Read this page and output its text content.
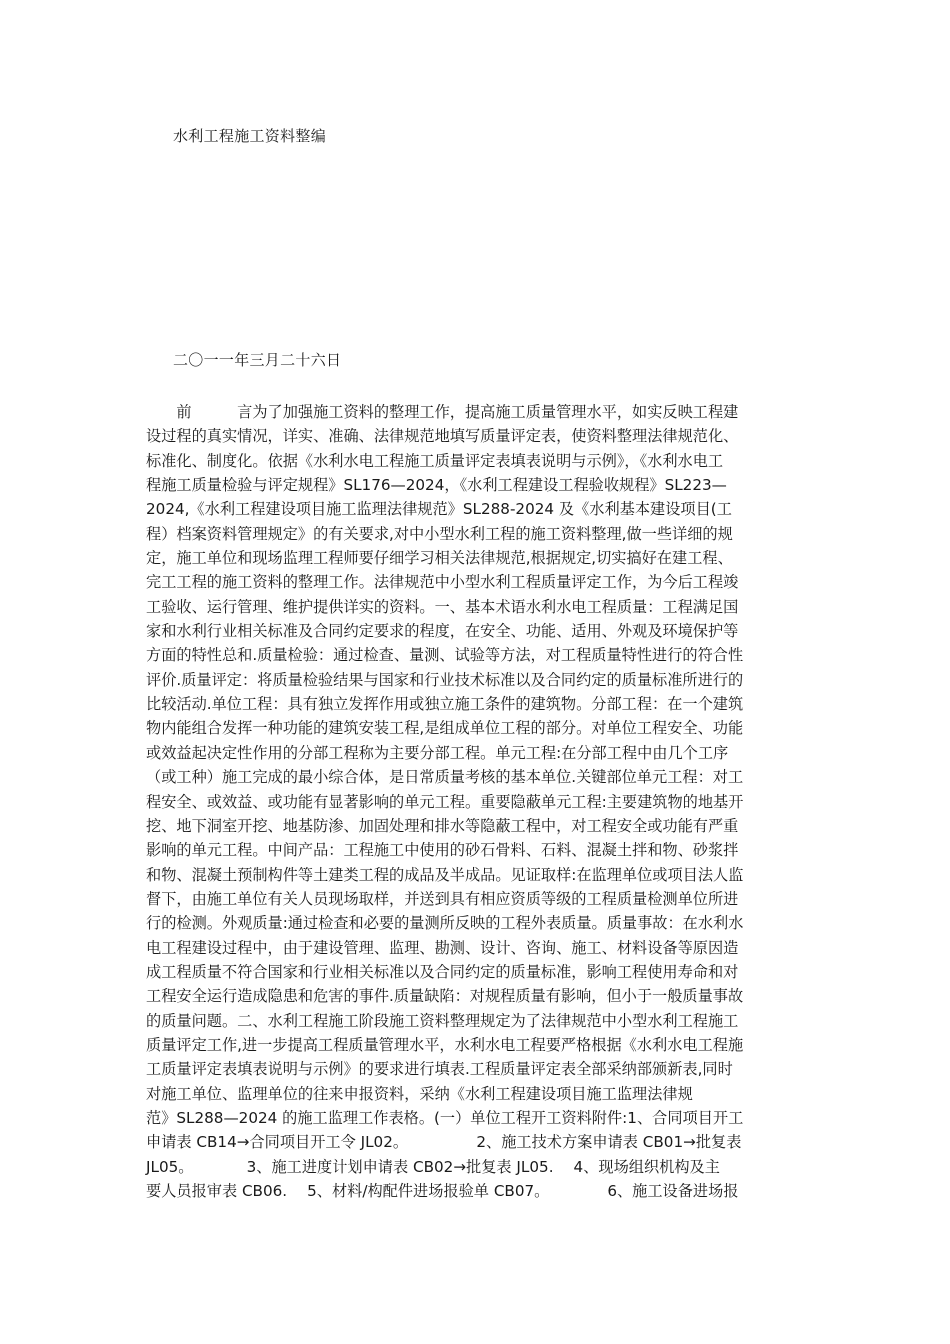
水利工程施工资料整编
二〇一一年三月二十六日
　　前　　　言为了加强施工资料的整理工作，提高施工质量管理水平，如实反映工程建
设过程的真实情况，详实、准确、法律规范地填写质量评定表，使资料整理法律规范化、
标准化、制度化。依据《水利水电工程施工质量评定表填表说明与示例》，《水利水电工
程施工质量检验与评定规程》SL176—2024，《水利工程建设工程验收规程》SL223—
2024,《水利工程建设项目施工监理法律规范》SL288-2024 及《水利基本建设项目(工
程）档案资料管理规定》的有关要求,对中小型水利工程的施工资料整理,做一些详细的规
定，施工单位和现场监理工程师要仔细学习相关法律规范,根据规定,切实搞好在建工程、
完工工程的施工资料的整理工作。法律规范中小型水利工程质量评定工作，为今后工程竣
工验收、运行管理、维护提供详实的资料。一、基本术语水利水电工程质量：工程满足国
家和水利行业相关标准及合同约定要求的程度，在安全、功能、适用、外观及环境保护等
方面的特性总和.质量检验：通过检查、量测、试验等方法，对工程质量特性进行的符合性
评价.质量评定：将质量检验结果与国家和行业技术标准以及合同约定的质量标准所进行的
比较活动.单位工程：具有独立发挥作用或独立施工条件的建筑物。分部工程：在一个建筑
物内能组合发挥一种功能的建筑安装工程,是组成单位工程的部分。对单位工程安全、功能
或效益起决定性作用的分部工程称为主要分部工程。单元工程:在分部工程中由几个工序
（或工种）施工完成的最小综合体，是日常质量考核的基本单位.关键部位单元工程：对工
程安全、或效益、或功能有显著影响的单元工程。重要隐蔽单元工程:主要建筑物的地基开
挖、地下洞室开挖、地基防渗、加固处理和排水等隐蔽工程中，对工程安全或功能有严重
影响的单元工程。中间产品：工程施工中使用的砂石骨料、石料、混凝土拌和物、砂浆拌
和物、混凝土预制构件等土建类工程的成品及半成品。见证取样:在监理单位或项目法人监
督下，由施工单位有关人员现场取样，并送到具有相应资质等级的工程质量检测单位所进
行的检测。外观质量:通过检查和必要的量测所反映的工程外表质量。质量事故：在水利水
电工程建设过程中，由于建设管理、监理、勘测、设计、咨询、施工、材料设备等原因造
成工程质量不符合国家和行业相关标准以及合同约定的质量标准，影响工程使用寿命和对
工程安全运行造成隐患和危害的事件.质量缺陷：对规程质量有影响，但小于一般质量事故
的质量问题。二、水利工程施工阶段施工资料整理规定为了法律规范中小型水利工程施工
质量评定工作,进一步提高工程质量管理水平，水利水电工程要严格根据《水利水电工程施
工质量评定表填表说明与示例》的要求进行填表.工程质量评定表全部采纳部颁新表,同时
对施工单位、监理单位的往来申报资料，采纳《水利工程建设项目施工监理法律规
范》SL288—2024 的施工监理工作表格。(一）单位工程开工资料附件:1、合同项目开工
申请表 CB14→合同项目开工令 JL02。　　　　　2、施工技术方案申请表 CB01→批复表
JL05。　　　　3、施工进度计划申请表 CB02→批复表 JL05.　 4、现场组织机构及主
要人员报审表 CB06.　 5、材料/构配件进场报验单 CB07。　　　　 6、施工设备进场报
